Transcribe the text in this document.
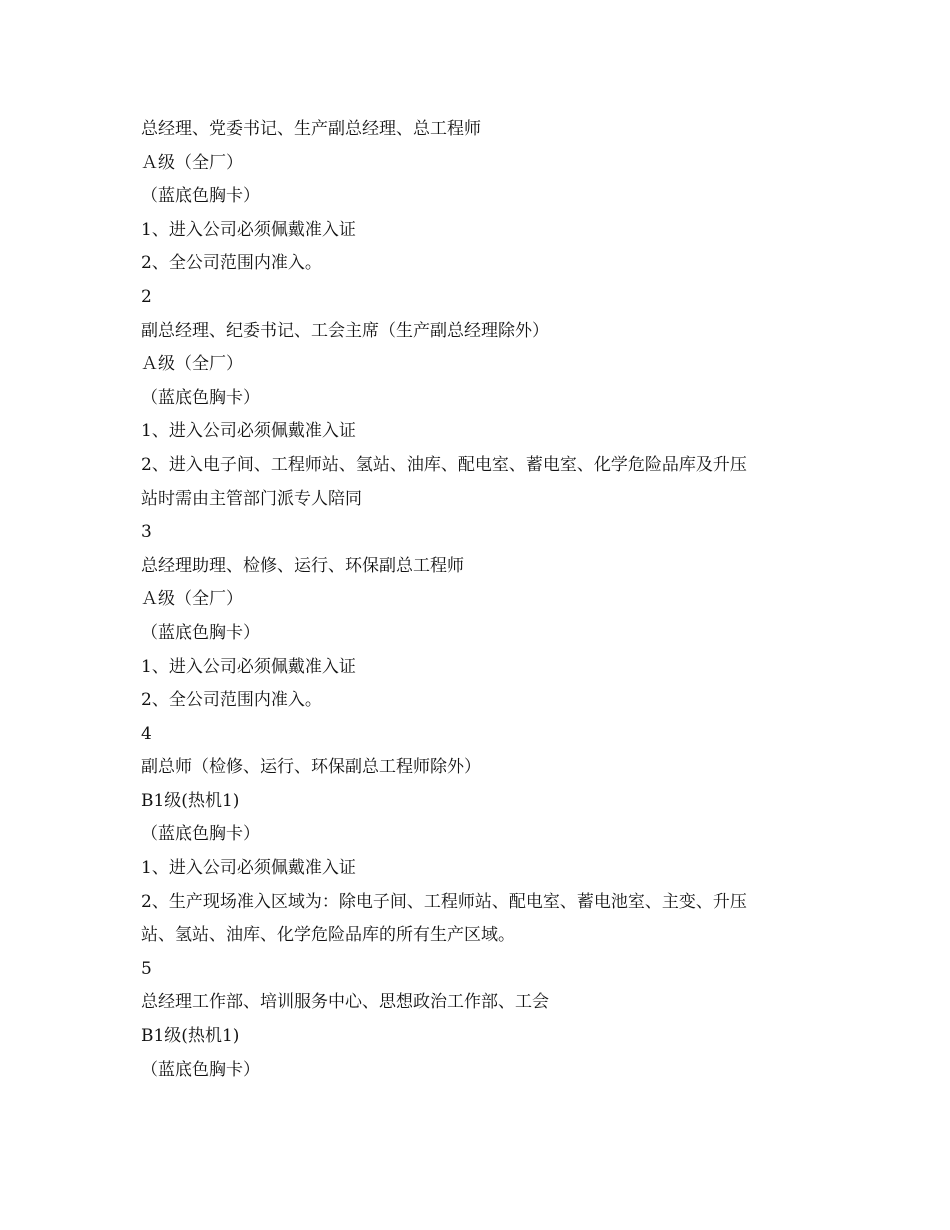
总经理、党委书记、生产副总经理、总工程师

Ａ级（全厂）

（蓝底色胸卡）

1、进入公司必须佩戴准入证

2、全公司范围内准入。

2

副总经理、纪委书记、工会主席（生产副总经理除外）

Ａ级（全厂）

（蓝底色胸卡）

1、进入公司必须佩戴准入证

2、进入电子间、工程师站、氢站、油库、配电室、蓄电室、化学危险品库及升压

站时需由主管部门派专人陪同

3

总经理助理、检修、运行、环保副总工程师

Ａ级（全厂）

（蓝底色胸卡）

1、进入公司必须佩戴准入证

2、全公司范围内准入。

4

副总师（检修、运行、环保副总工程师除外）

B1级(热机1)

（蓝底色胸卡）

1、进入公司必须佩戴准入证

2、生产现场准入区域为：除电子间、工程师站、配电室、蓄电池室、主变、升压

站、氢站、油库、化学危险品库的所有生产区域。

5

总经理工作部、培训服务中心、思想政治工作部、工会

B1级(热机1)

（蓝底色胸卡）
